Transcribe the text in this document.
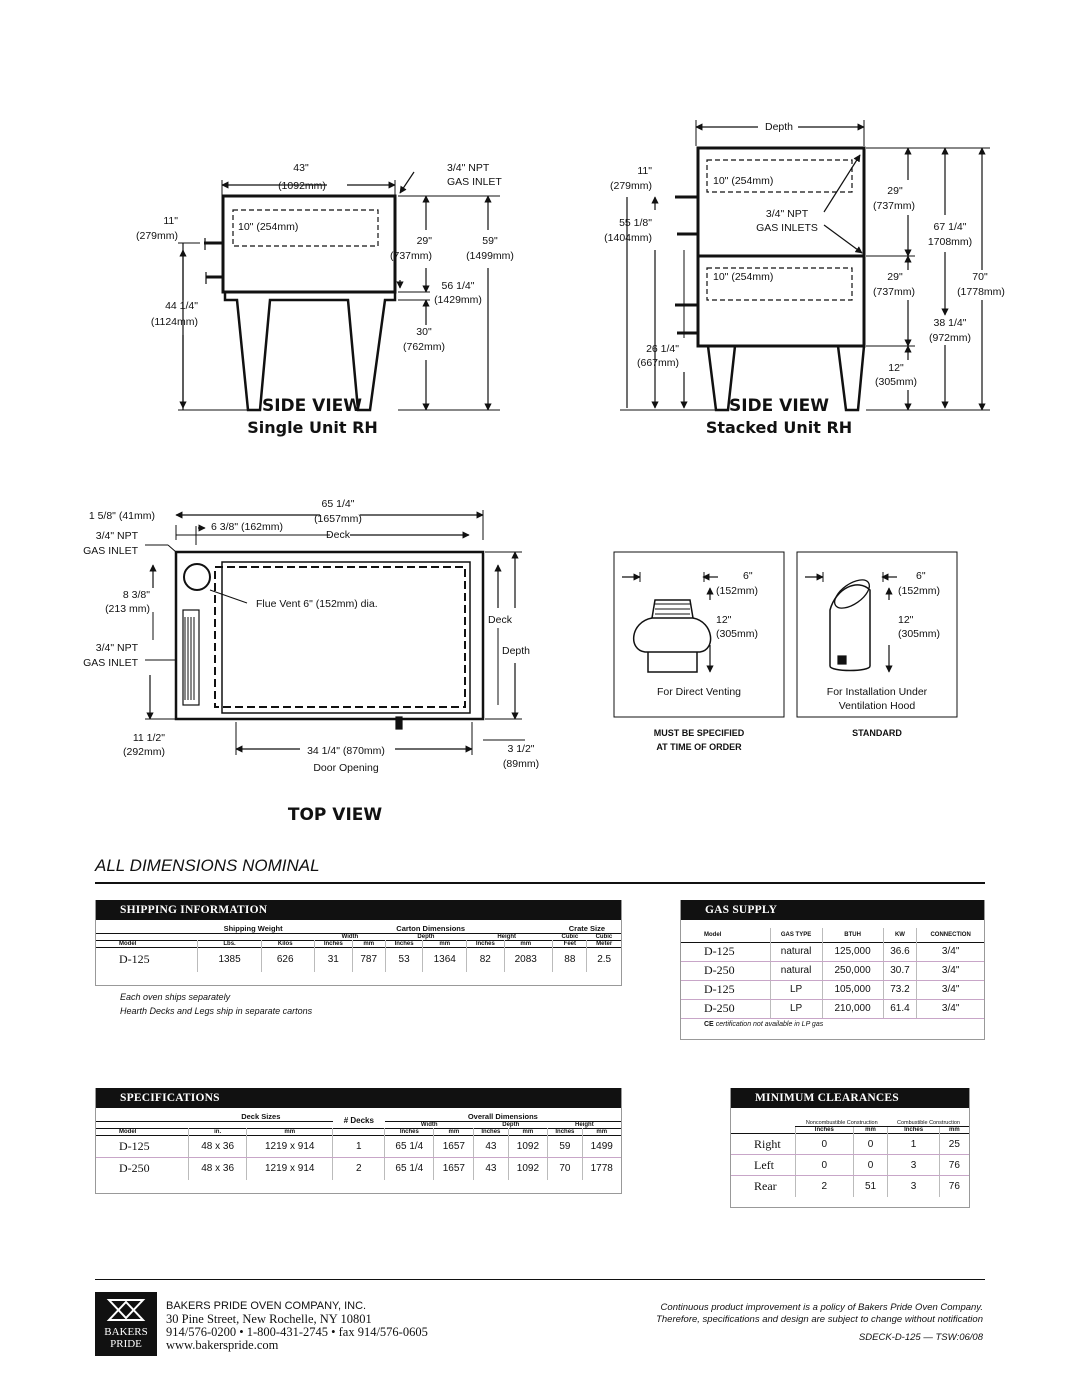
43"
(1092mm)
3/4" NPT
GAS INLET
10" (254mm)
11"
(279mm)
44 1/4"
(1124mm)
29"
(737mm)
59"
(1499mm)
56 1/4"
(1429mm)
30"
(762mm)
SIDE VIEW
Single Unit RH
Depth
11"
(279mm)
55 1/8"
(1404mm)
26 1/4"
(667mm)
10" (254mm)
10" (254mm)
3/4" NPT
GAS INLETS
29"
(737mm)
29"
(737mm)
67 1/4"
1708mm)
70"
(1778mm)
38 1/4"
(972mm)
12"
(305mm)
SIDE VIEW
Stacked Unit RH
65 1/4"
(1657mm)
Deck
1 5/8" (41mm)
6 3/8" (162mm)
3/4" NPT
GAS INLET
8 3/8"
(213 mm)	Flue Vent 6" (152mm) dia.
3/4" NPT
GAS INLET
Deck
Depth
11 1/2"
(292mm)	34 1/4" (870mm)
Door Opening
3 1/2"
(89mm)
TOP VIEW
6"
(152mm)
12"
(305mm)
For Direct Venting
MUST BE SPECIFIED
AT TIME OF ORDER
6"
(152mm)
12"
(305mm)
For Installation Under
Ventilation Hood
STANDARD
ALL DIMENSIONS NOMINAL
SHIPPING INFORMATION
	Shipping Weight			Carton Dimensions							Crate Size	
				Width		Depth		Height			Cubic	Cubic
Model	Lbs.	Kilos		Inches	mm	Inches	mm	Inches	mm		Feet	Meter
D-125	1385	626		31	787	53	1364	82	2083		88	2.5
Each oven ships separately
Hearth Decks and Legs ship in separate cartons
GAS SUPPLY
Model	GAS TYPE	BTUH	KW	CONNECTION
D-125	natural	125,000	36.6	3/4"
D-250	natural	250,000	30.7	3/4"
D-125	LP	105,000	73.2	3/4"
D-250	LP	210,000	61.4	3/4"
CE certification not available in LP gas
SPECIFICATIONS
	Deck Sizes		# Decks	Overall Dimensions					
				Width		Depth		Height	
Model	in.	mm		Inches	mm	Inches	mm	Inches	mm
D-125	48 x 36	1219 x 914	1	65 1/4	1657	43	1092	59	1499
D-250	48 x 36	1219 x 914	2	65 1/4	1657	43	1092	70	1778
MINIMUM CLEARANCES
	Noncombustible Construction		Combustible Construction	
	Inches	mm	Inches	mm
Right	0	0	1	25
Left	0	0	3	76
Rear	2	51	3	76
BAKERS
PRIDE
BAKERS PRIDE OVEN COMPANY, INC.
30 Pine Street, New Rochelle, NY 10801
914/576-0200 • 1-800-431-2745 • fax 914/576-0605
www.bakerspride.com
Continuous product improvement is a policy of Bakers Pride Oven Company.
Therefore, specifications and design are subject to change without notification
SDECK-D-125 — TSW:06/08
